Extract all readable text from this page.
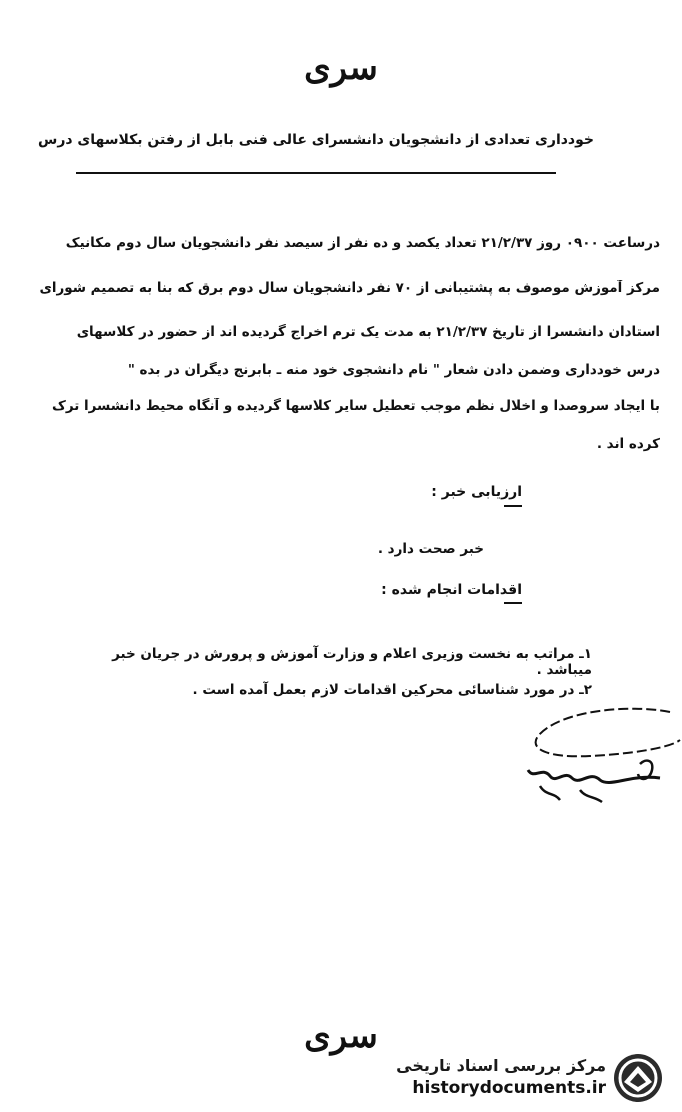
سری
خودداری تعدادی از دانشجویان دانشسرای عالی فنی بابل از رفتن بکلاسهای درس
درساعت ۰۹۰۰ روز ۲۱/۲/۳۷ تعداد یکصد و ده نفر از سیصد نفر دانشجویان سال دوم مکانیک
مرکز آموزش موصوف به پشتیبانی از ۷۰ نفر دانشجویان سال دوم برق که بنا به تصمیم شورای
استادان دانشسرا از تاریخ ۲۱/۲/۳۷ به مدت یک ترم اخراج گردیده اند از حضور در کلاسهای
درس خودداری وضمن دادن شعار " نام دانشجوی خود منه ـ بابرنج دیگران در بده "
با ایجاد سروصدا و اخلال نظم موجب تعطیل سایر کلاسها گردیده و آنگاه محیط دانشسرا ترک
کرده اند .
ارزیابی خبر :
خبر صحت دارد .
اقدامات انجام شده :
۱ـ مراتب به نخست وزیری اعلام و وزارت آموزش و پرورش در جریان خبر میباشد .
۲ـ در مورد شناسائی محرکین اقدامات لازم بعمل آمده است .
سری
مرکز بررسی اسناد تاریخی
historydocuments.ir
